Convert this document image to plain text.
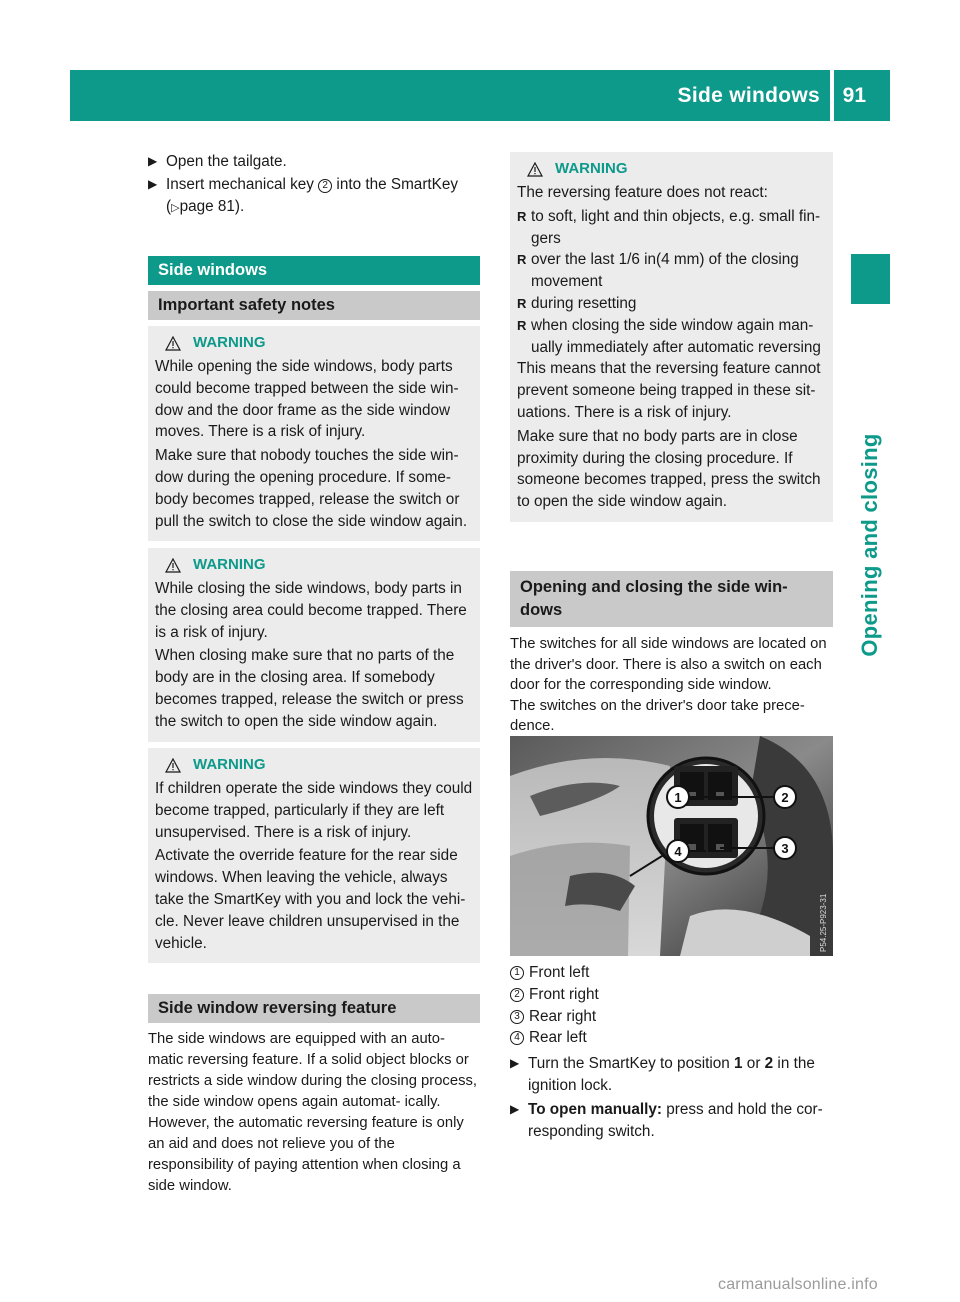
Side windows 91
Opening and closing
▶ Open the tailgate.
▶ Insert mechanical key 2 into the SmartKey (▷page 81).
Side windows
Important safety notes
WARNING

While opening the side windows, body parts could become trapped between the side win- dow and the door frame as the side window moves. There is a risk of injury.

Make sure that nobody touches the side win- dow during the opening procedure. If some- body becomes trapped, release the switch or pull the switch to close the side window again.

WARNING

While closing the side windows, body parts in the closing area could become trapped. There is a risk of injury.

When closing make sure that no parts of the body are in the closing area. If somebody becomes trapped, release the switch or press the switch to open the side window again.

WARNING

If children operate the side windows they could become trapped, particularly if they are left unsupervised. There is a risk of injury.

Activate the override feature for the rear side windows. When leaving the vehicle, always take the SmartKey with you and lock the vehi- cle. Never leave children unsupervised in the vehicle.

Side window reversing feature

The side windows are equipped with an auto- matic reversing feature. If a solid object blocks or restricts a side window during the closing process, the side window opens again automat- ically. However, the automatic reversing feature is only an aid and does not relieve you of the responsibility of paying attention when closing a side window.

WARNING

The reversing feature does not react:

R to soft, light and thin objects, e.g. small fin- gers
R over the last 1/6 in(4 mm) of the closing movement
R during resetting
R when closing the side window again man- ually immediately after automatic reversing

This means that the reversing feature cannot prevent someone being trapped in these sit- uations. There is a risk of injury.

Make sure that no body parts are in close proximity during the closing procedure. If someone becomes trapped, press the switch to open the side window again.

Opening and closing the side win- dows

The switches for all side windows are located on the driver's door. There is also a switch on each door for the corresponding side window.

The switches on the driver's door take prece- dence.

1	2
3
4
P54.25-P923-31
1 Front left
2 Front right
3 Rear right
4 Rear left
▶ Turn the SmartKey to position 1 or 2 in the ignition lock.
▶ To open manually: press and hold the cor- responding switch.
carmanualsonline.info
